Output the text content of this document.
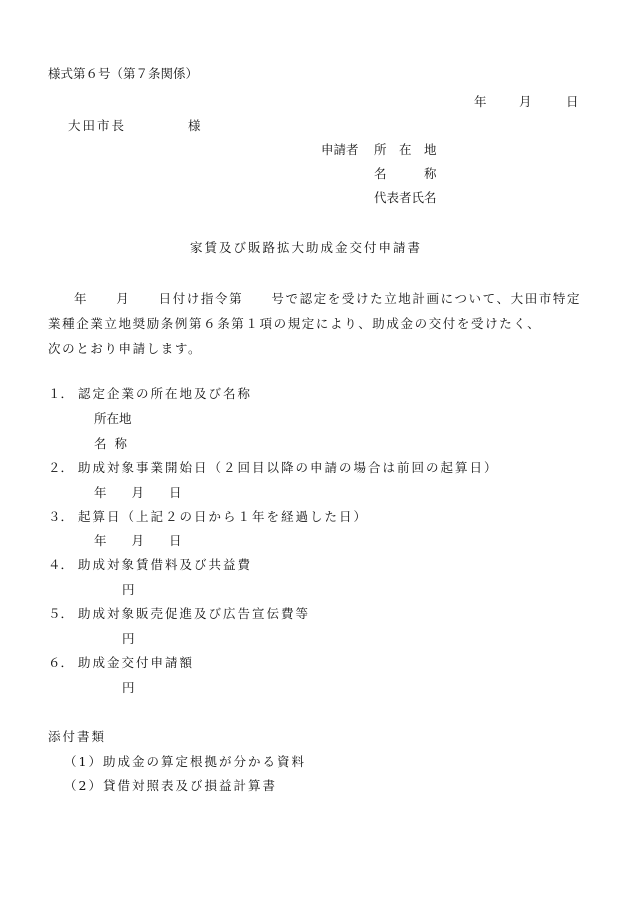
様式第６号（第７条関係）
年	月	日
大田市長	様
申請者 所　在　地
名　　　称
代表者氏名
家賃及び販路拡大助成金交付申請書
年　　月　　日付け指令第　　号で認定を受けた立地計画について、大田市特定
業種企業立地奨励条例第６条第１項の規定により、助成金の交付を受けたく、
次のとおり申請します。
１． 認定企業の所在地及び名称
所在地
名 称
２． 助成対象事業開始日（２回目以降の申請の場合は前回の起算日）
年　　月　　日
３． 起算日（上記２の日から１年を経過した日）
年　　月　　日
４． 助成対象賃借料及び共益費
円
５． 助成対象販売促進及び広告宣伝費等
円
６． 助成金交付申請額
円
添付書類
（1）助成金の算定根拠が分かる資料
（2）貸借対照表及び損益計算書
